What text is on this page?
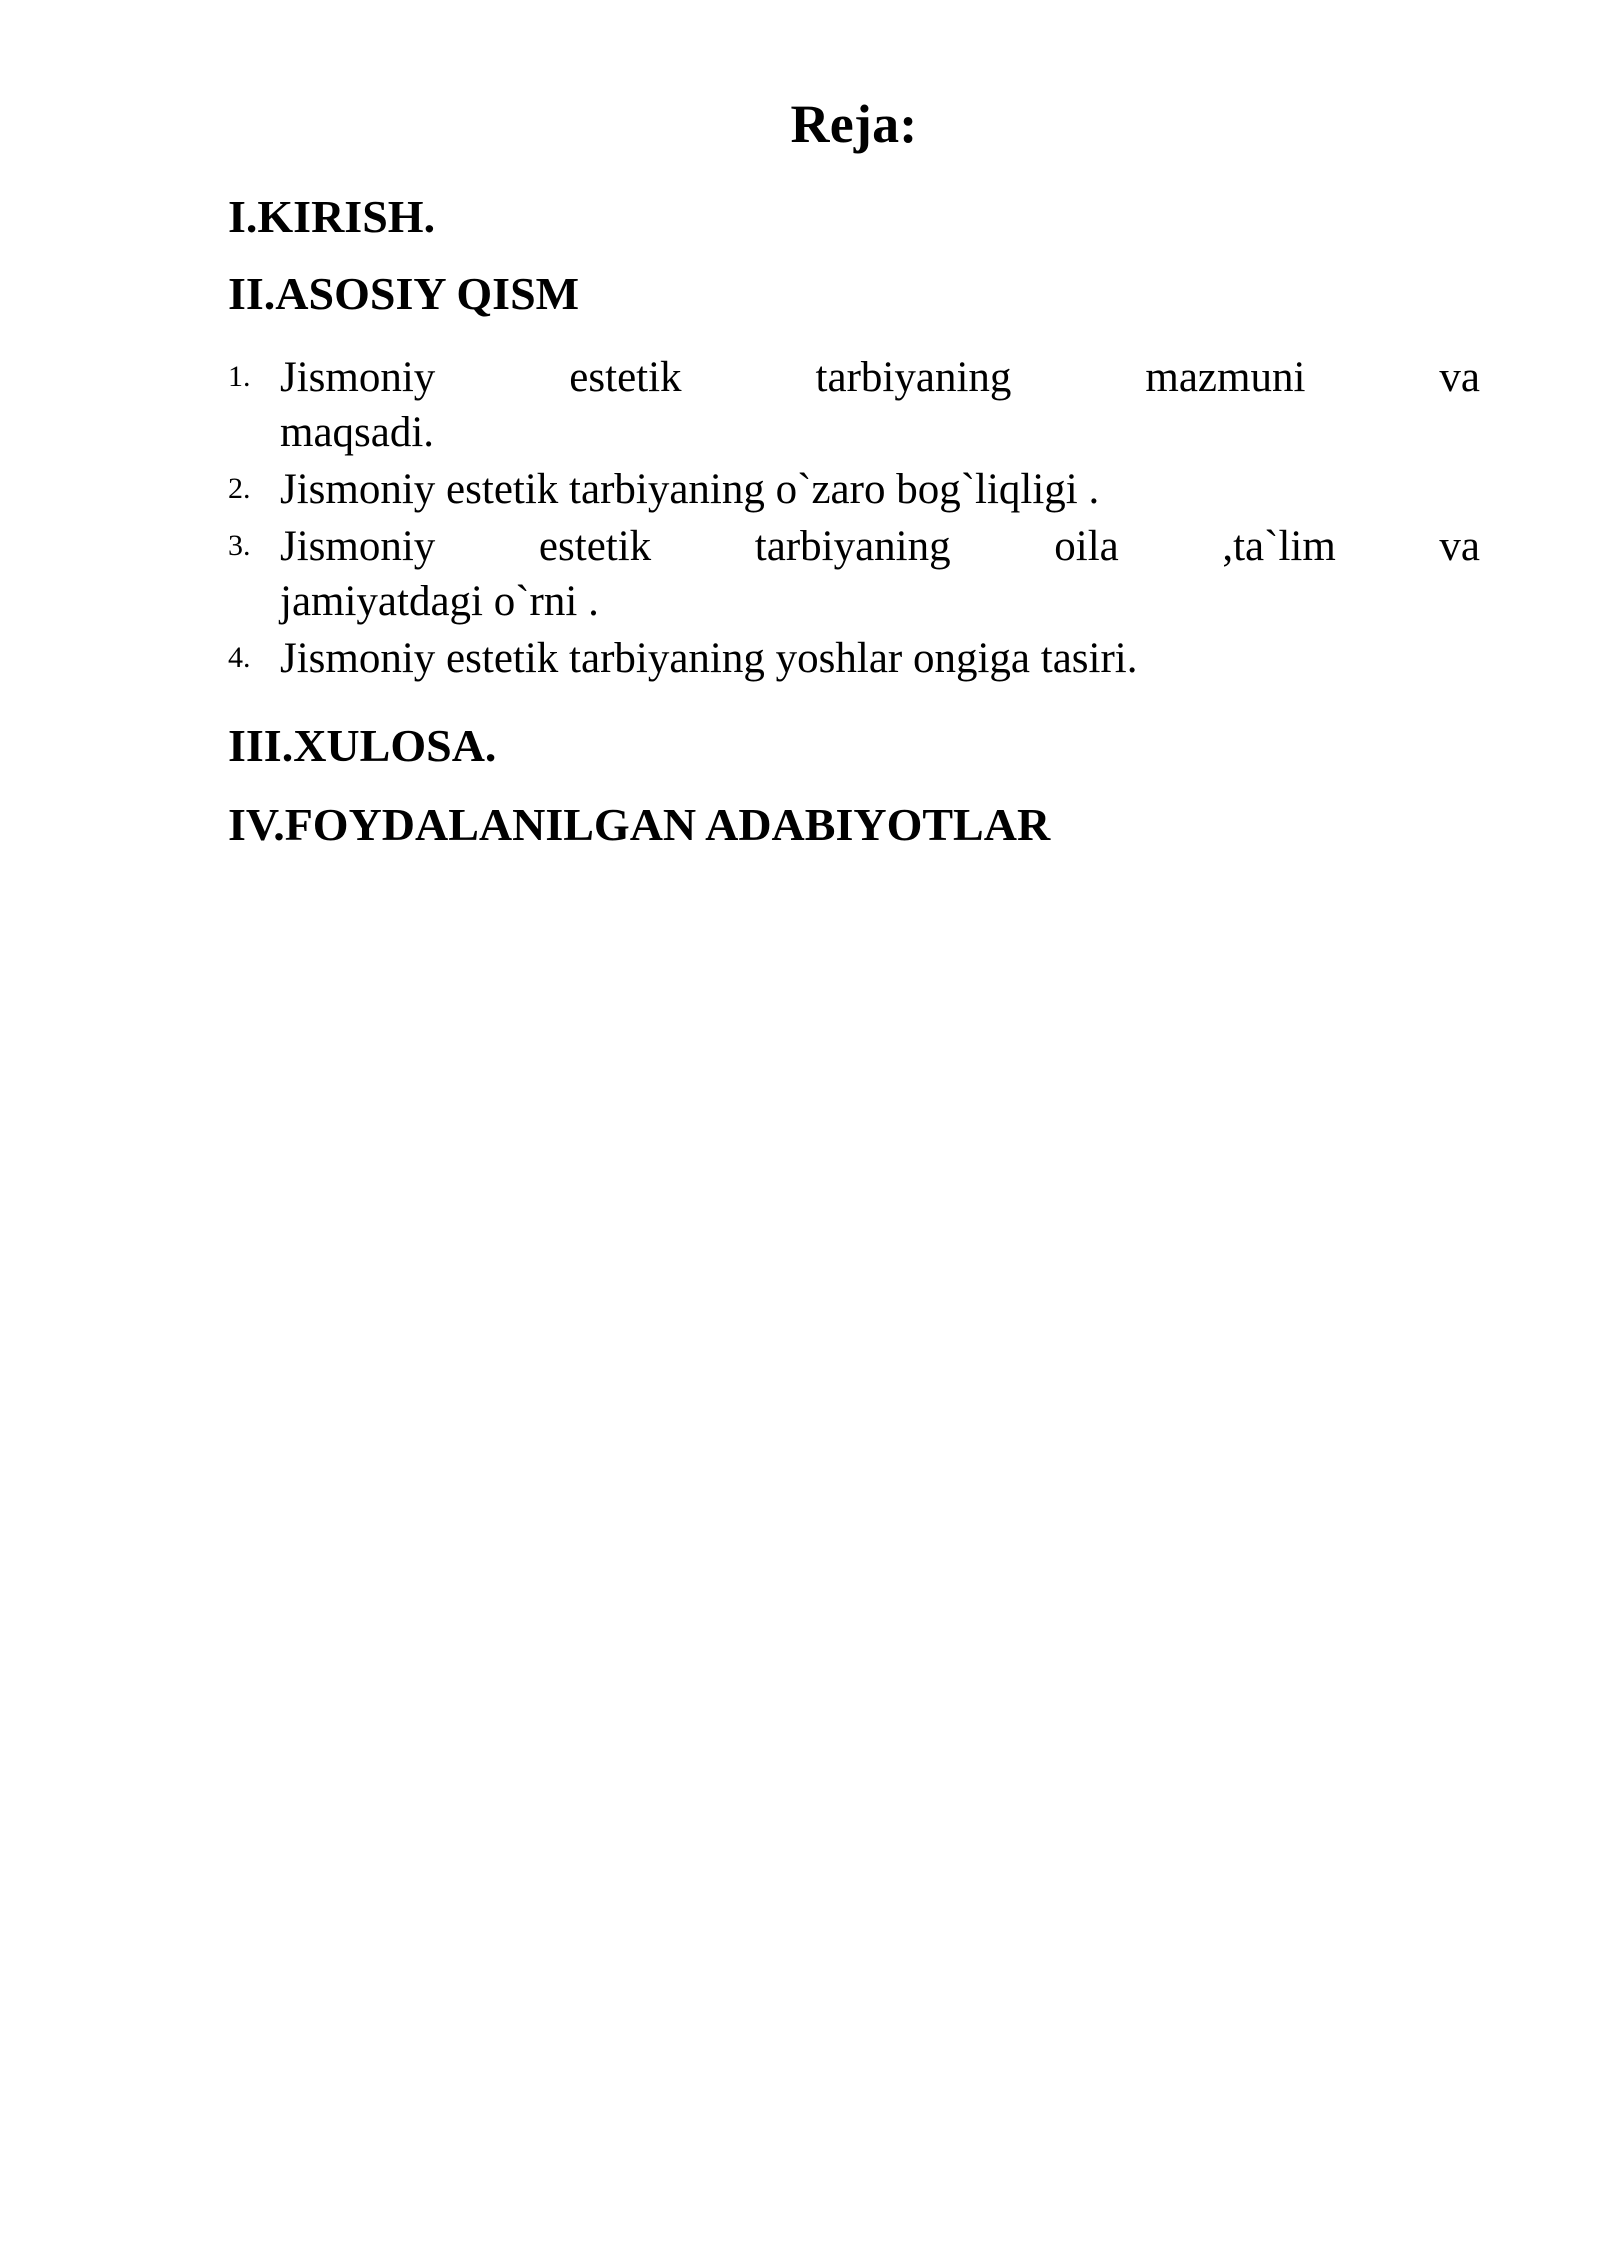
Reja:
I.KIRISH.
II.ASOSIY QISM
1. Jismoniy estetik tarbiyaning mazmuni va
maqsadi.
2. Jismoniy estetik tarbiyaning o`zaro bog`liqligi .
3. Jismoniy estetik tarbiyaning oila ,ta`lim va
jamiyatdagi o`rni .
4. Jismoniy estetik tarbiyaning yoshlar ongiga tasiri.
III.XULOSA.
IV.FOYDALANILGAN ADABIYOTLAR
